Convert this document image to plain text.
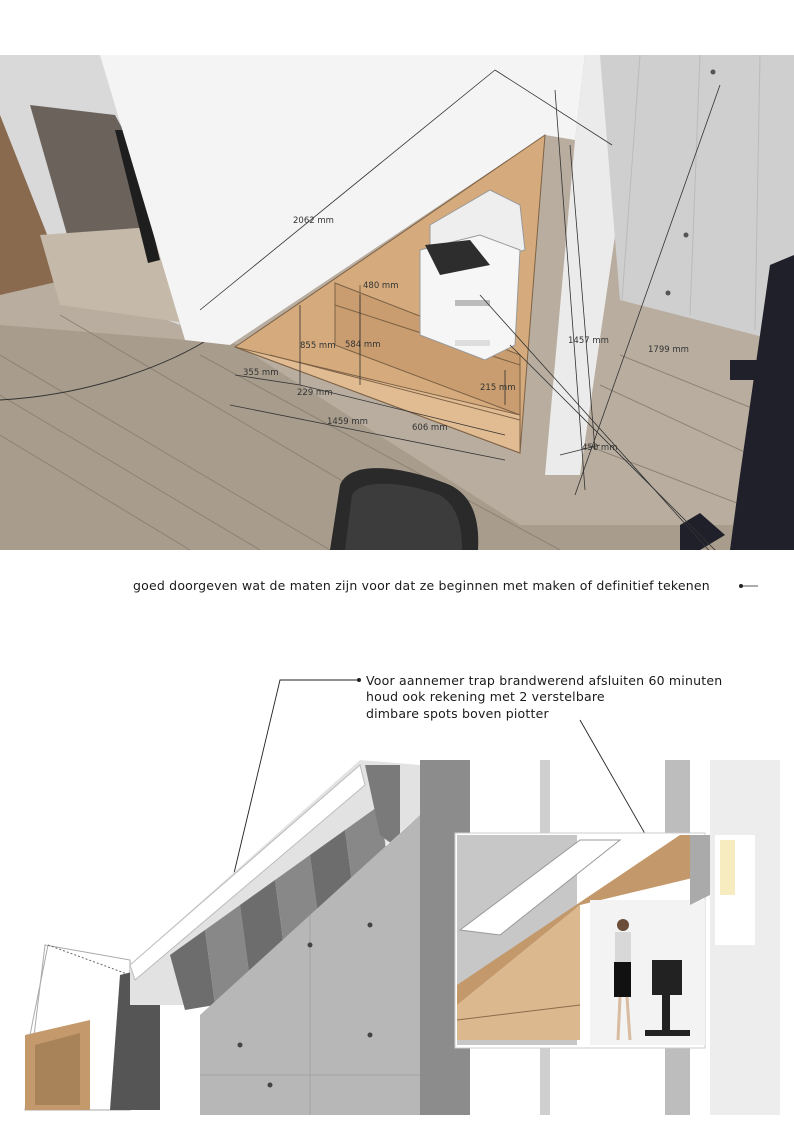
2062 mm
480 mm
855 mm 584 mm	1457 mm
1799 mm
355 mm
229 mm	215 mm
1459 mm
606 mm
450 mm
goed doorgeven wat de maten zijn voor dat ze beginnen met maken of definitief tekenen
Voor aannemer trap brandwerend afsluiten 60 minuten
houd ook rekening met 2 verstelbare
dimbare spots boven piotter
